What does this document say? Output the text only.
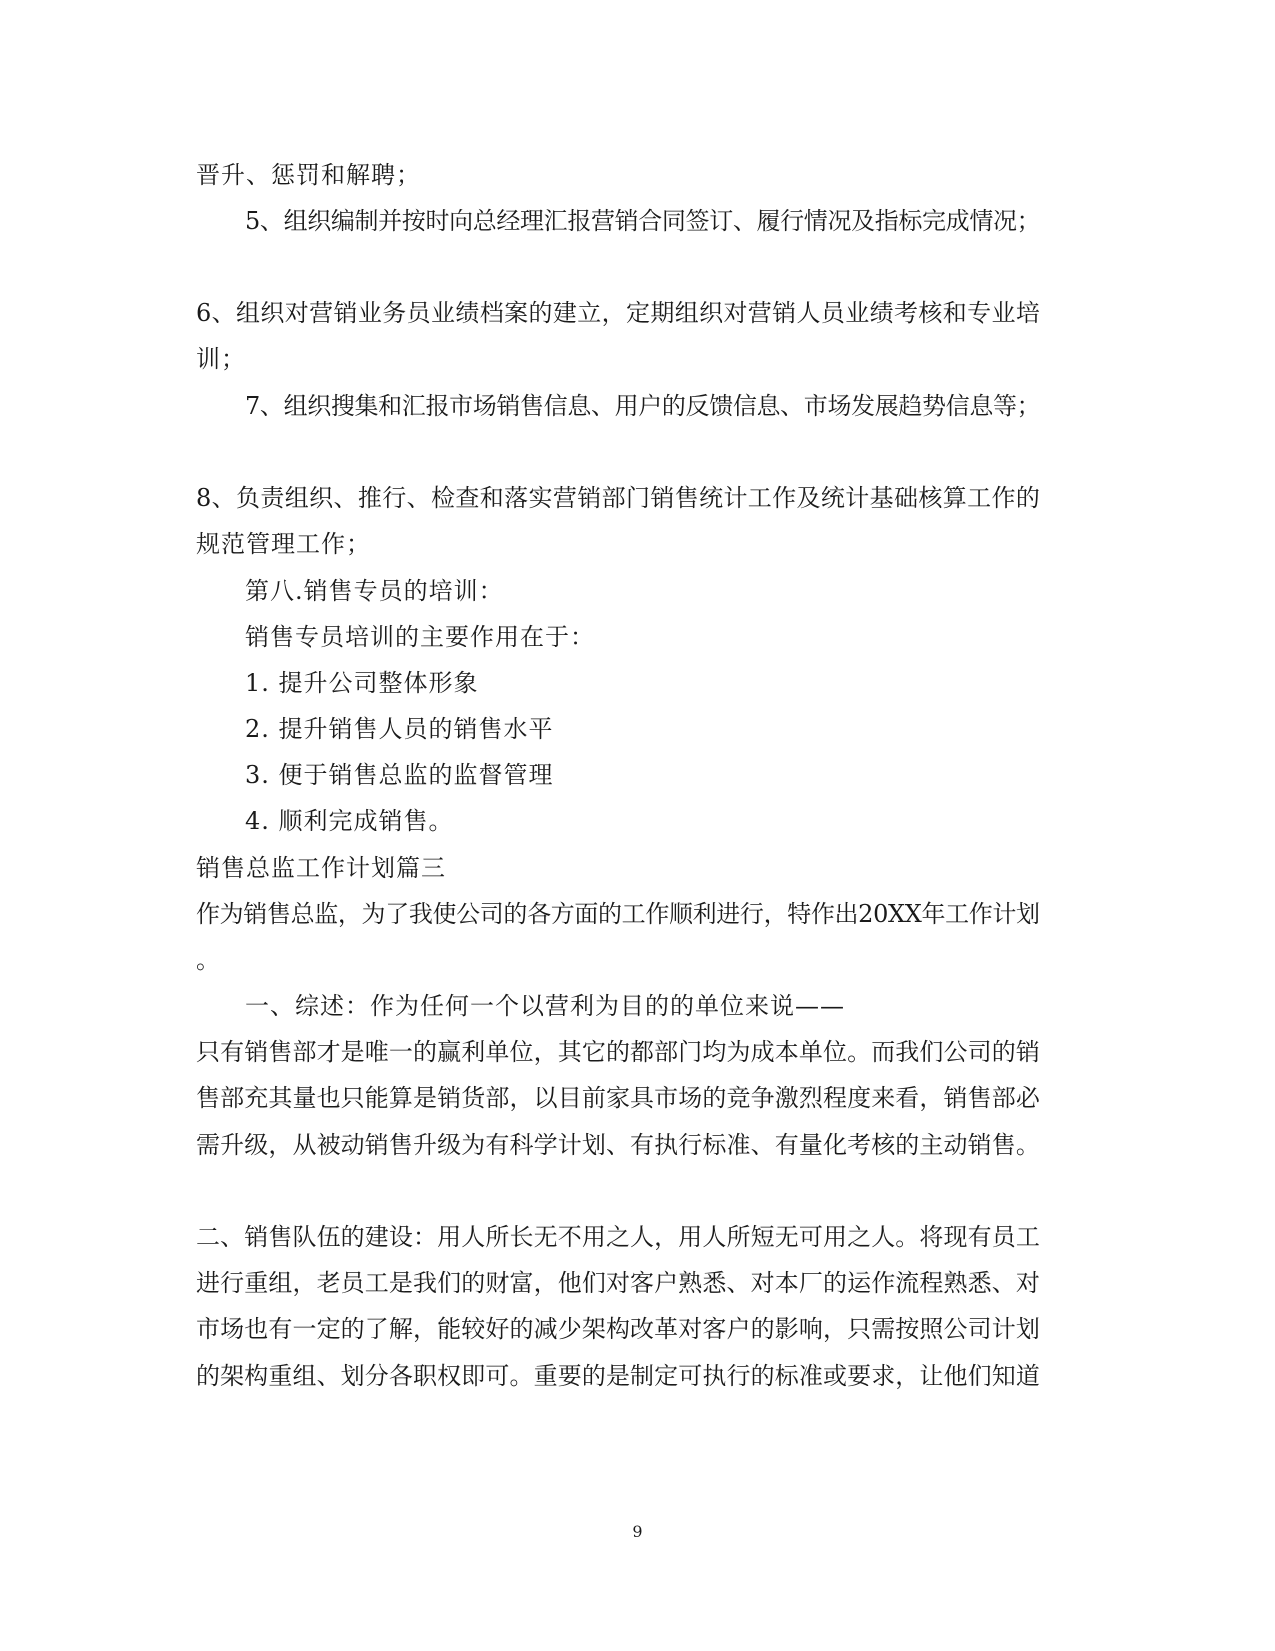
晋升、惩罚和解聘；
5、组织编制并按时向总经理汇报营销合同签订、履行情况及指标完成情况；
6、组织对营销业务员业绩档案的建立，定期组织对营销人员业绩考核和专业培
训；
7、组织搜集和汇报市场销售信息、用户的反馈信息、市场发展趋势信息等；
8、负责组织、推行、检查和落实营销部门销售统计工作及统计基础核算工作的
规范管理工作；
第八.销售专员的培训：
销售专员培训的主要作用在于：
1. 提升公司整体形象
2. 提升销售人员的销售水平
3. 便于销售总监的监督管理
4. 顺利完成销售。
销售总监工作计划篇三
作为销售总监，为了我使公司的各方面的工作顺利进行，特作出20XX年工作计划
。
一、综述：作为任何一个以营利为目的的单位来说——
只有销售部才是唯一的赢利单位，其它的都部门均为成本单位。而我们公司的销
售部充其量也只能算是销货部，以目前家具市场的竞争激烈程度来看，销售部必
需升级，从被动销售升级为有科学计划、有执行标准、有量化考核的主动销售。
二、销售队伍的建设：用人所长无不用之人，用人所短无可用之人。将现有员工
进行重组，老员工是我们的财富，他们对客户熟悉、对本厂的运作流程熟悉、对
市场也有一定的了解，能较好的减少架构改革对客户的影响，只需按照公司计划
的架构重组、划分各职权即可。重要的是制定可执行的标准或要求，让他们知道
9
